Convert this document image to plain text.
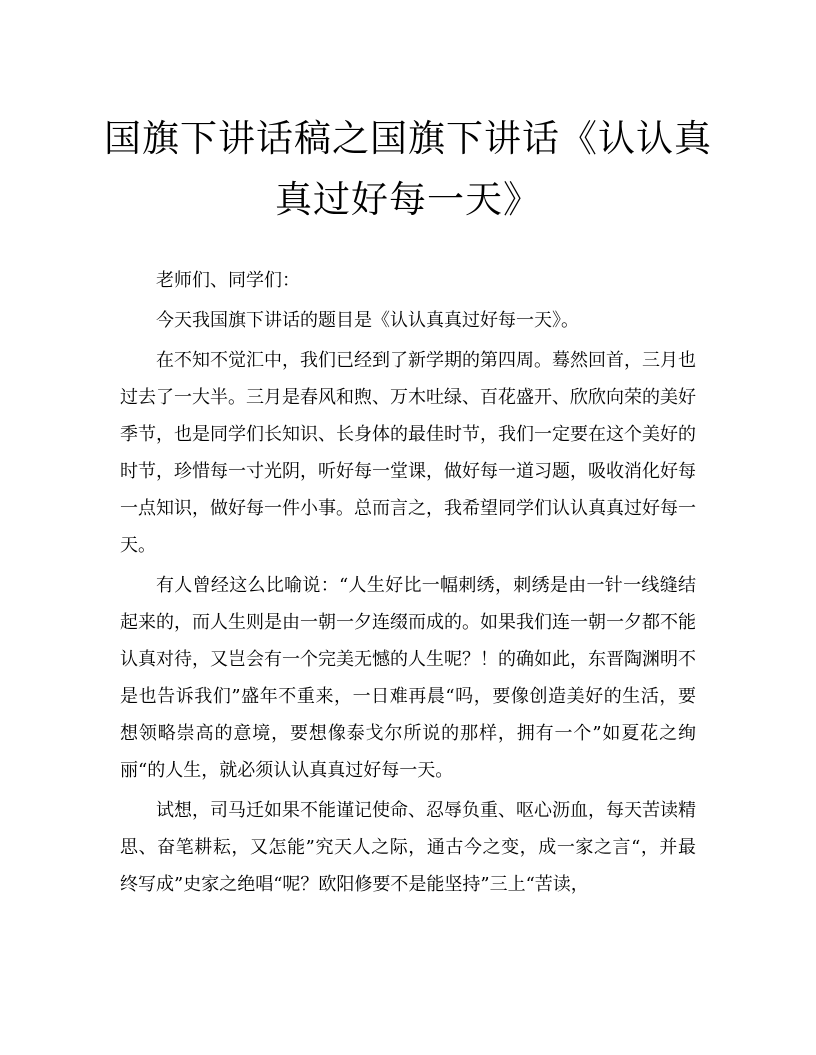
国旗下讲话稿之国旗下讲话《认认真真过好每一天》

老师们、同学们：

今天我国旗下讲话的题目是《认认真真过好每一天》。

在不知不觉汇中，我们已经到了新学期的第四周。蓦然回首，三月也过去了一大半。三月是春风和煦、万木吐绿、百花盛开、欣欣向荣的美好季节，也是同学们长知识、长身体的最佳时节，我们一定要在这个美好的时节，珍惜每一寸光阴，听好每一堂课，做好每一道习题，吸收消化好每一点知识，做好每一件小事。总而言之，我希望同学们认认真真过好每一天。

有人曾经这么比喻说：“人生好比一幅刺绣，刺绣是由一针一线缝结起来的，而人生则是由一朝一夕连缀而成的。如果我们连一朝一夕都不能认真对待，又岂会有一个完美无憾的人生呢？！的确如此，东晋陶渊明不是也告诉我们”盛年不重来，一日难再晨“吗，要像创造美好的生活，要想领略崇高的意境，要想像泰戈尔所说的那样，拥有一个”如夏花之绚丽“的人生，就必须认认真真过好每一天。

试想，司马迁如果不能谨记使命、忍辱负重、呕心沥血，每天苦读精思、奋笔耕耘，又怎能”究天人之际，通古今之变，成一家之言“，并最终写成”史家之绝唱“呢？欧阳修要不是能坚持”三上“苦读，
